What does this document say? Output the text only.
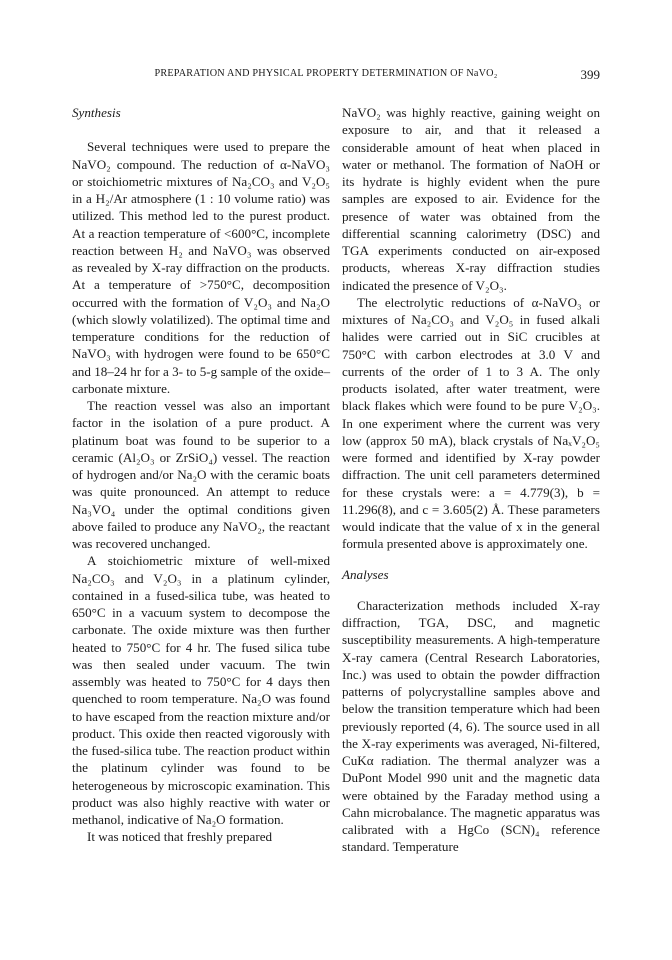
PREPARATION AND PHYSICAL PROPERTY DETERMINATION OF NaVO₂	399
Synthesis

Several techniques were used to prepare the NaVO₂ compound. The reduction of α-NaVO₃ or stoichiometric mixtures of Na₂CO₃ and V₂O₅ in a H₂/Ar atmosphere (1 : 10 volume ratio) was utilized. This method led to the purest product. At a reaction temperature of <600°C, incomplete reaction between H₂ and NaVO₃ was observed as revealed by X-ray diffraction on the products. At a temperature of >750°C, decomposition occurred with the formation of V₂O₃ and Na₂O (which slowly volatilized). The optimal time and temperature conditions for the reduction of NaVO₃ with hydrogen were found to be 650°C and 18–24 hr for a 3- to 5-g sample of the oxide–carbonate mixture.

The reaction vessel was also an important factor in the isolation of a pure product. A platinum boat was found to be superior to a ceramic (Al₂O₃ or ZrSiO₄) vessel. The reaction of hydrogen and/or Na₂O with the ceramic boats was quite pronounced. An attempt to reduce Na₃VO₄ under the optimal conditions given above failed to produce any NaVO₂, the reactant was recovered unchanged.

A stoichiometric mixture of well-mixed Na₂CO₃ and V₂O₃ in a platinum cylinder, contained in a fused-silica tube, was heated to 650°C in a vacuum system to decompose the carbonate. The oxide mixture was then further heated to 750°C for 4 hr. The fused silica tube was then sealed under vacuum. The twin assembly was heated to 750°C for 4 days then quenched to room temperature. Na₂O was found to have escaped from the reaction mixture and/or product. This oxide then reacted vigorously with the fused-silica tube. The reaction product within the platinum cylinder was found to be heterogeneous by microscopic examination. This product was also highly reactive with water or methanol, indicative of Na₂O formation.

It was noticed that freshly prepared

NaVO₂ was highly reactive, gaining weight on exposure to air, and that it released a considerable amount of heat when placed in water or methanol. The formation of NaOH or its hydrate is highly evident when the pure samples are exposed to air. Evidence for the presence of water was obtained from the differential scanning calorimetry (DSC) and TGA experiments conducted on air-exposed products, whereas X-ray diffraction studies indicated the presence of V₂O₃.

The electrolytic reductions of α-NaVO₃ or mixtures of Na₂CO₃ and V₂O₅ in fused alkali halides were carried out in SiC crucibles at 750°C with carbon electrodes at 3.0 V and currents of the order of 1 to 3 A. The only products isolated, after water treatment, were black flakes which were found to be pure V₂O₃. In one experiment where the current was very low (approx 50 mA), black crystals of NaₓV₂O₅ were formed and identified by X-ray powder diffraction. The unit cell parameters determined for these crystals were: a = 4.779(3), b = 11.296(8), and c = 3.605(2) Å. These parameters would indicate that the value of x in the general formula presented above is approximately one.

Analyses

Characterization methods included X-ray diffraction, TGA, DSC, and magnetic susceptibility measurements. A high-temperature X-ray camera (Central Research Laboratories, Inc.) was used to obtain the powder diffraction patterns of polycrystalline samples above and below the transition temperature which had been previously reported (4, 6). The source used in all the X-ray experiments was averaged, Ni-filtered, CuKα radiation. The thermal analyzer was a DuPont Model 990 unit and the magnetic data were obtained by the Faraday method using a Cahn microbalance. The magnetic apparatus was calibrated with a HgCo (SCN)₄ reference standard. Temperature
